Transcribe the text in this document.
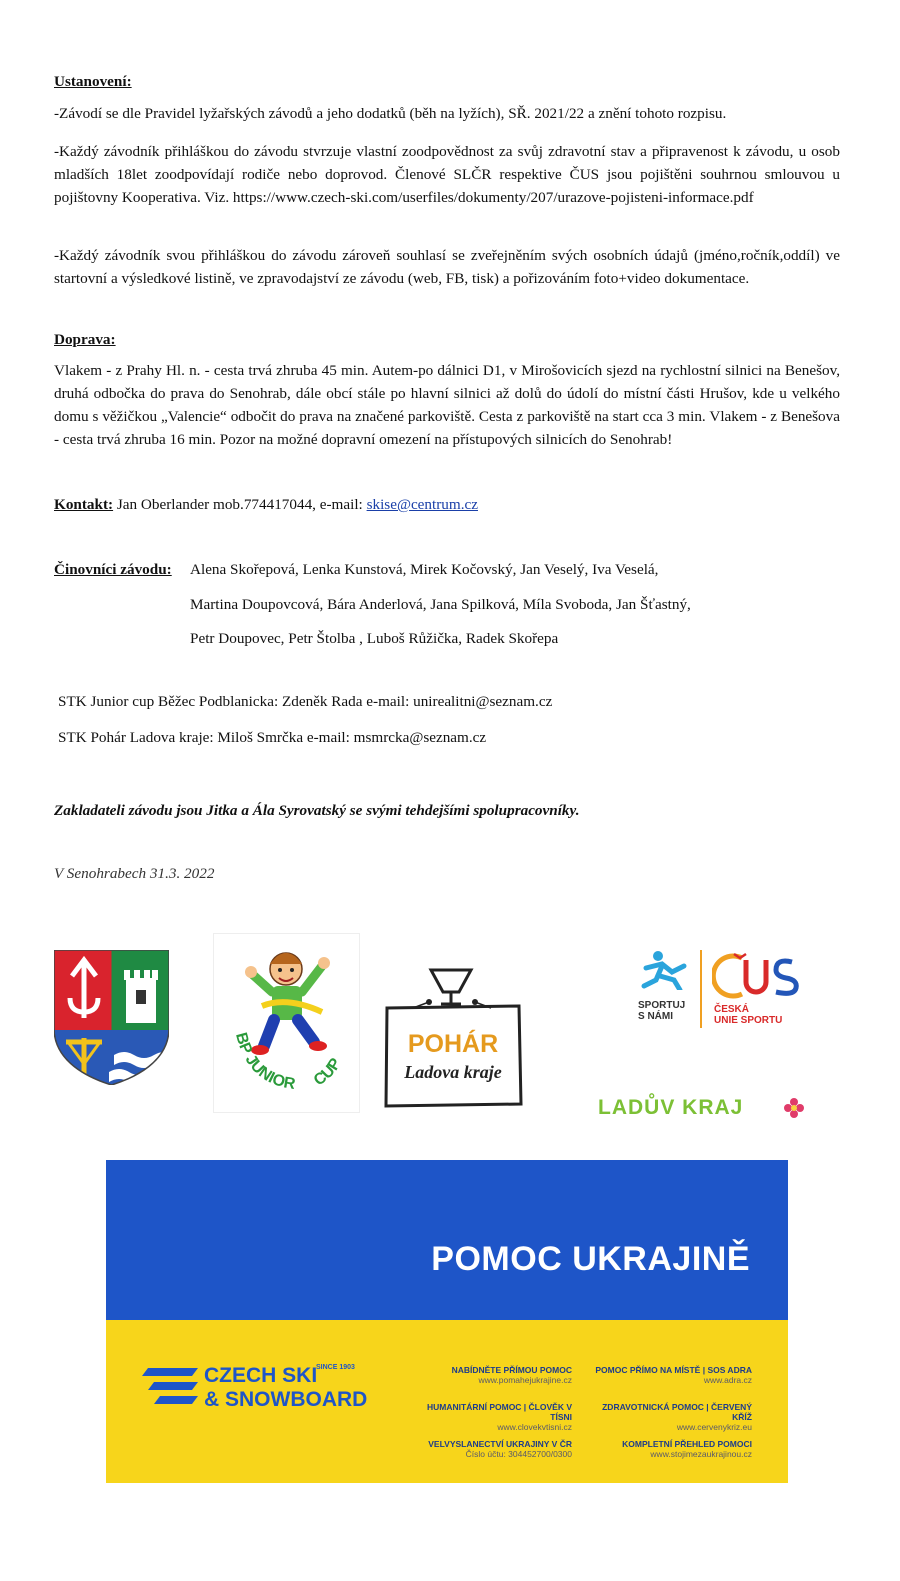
Ustanovení:
-Závodí se dle Pravidel lyžařských závodů a jeho dodatků (běh na lyžích), SŘ. 2021/22 a znění tohoto rozpisu.
-Každý závodník přihláškou do závodu stvrzuje vlastní zoodpovědnost za svůj zdravotní stav a připravenost k závodu, u osob mladších 18let zoodpovídají rodiče nebo doprovod. Členové SLČR respektive ČUS jsou pojištěni souhrnou smlouvou u pojištovny Kooperativa. Viz. https://www.czech-ski.com/userfiles/dokumenty/207/urazove-pojisteni-informace.pdf
-Každý závodník svou přihláškou do závodu zároveň souhlasí se zveřejněním svých osobních údajů (jméno,ročník,oddíl) ve startovní a výsledkové listině, ve zpravodajství ze závodu (web, FB, tisk) a pořizováním foto+video dokumentace.
Doprava:
Vlakem - z Prahy Hl. n. - cesta trvá zhruba 45 min. Autem-po dálnici D1, v Mirošovicích sjezd na rychlostní silnici na Benešov, druhá odbočka do prava do Senohrab, dále obcí stále po hlavní silnici až dolů do údolí do místní části Hrušov, kde u velkého domu s věžičkou „Valencie“ odbočit do prava na značené parkoviště. Cesta z parkoviště na start cca 3 min. Vlakem - z Benešova - cesta trvá zhruba 16 min. Pozor na možné dopravní omezení na přístupových silnicích do Senohrab!
Kontakt: Jan Oberlander mob.774417044, e-mail: skise@centrum.cz
Činovníci závodu:	Alena Skořepová, Lenka Kunstová, Mirek Kočovský, Jan Veselý, Iva Veselá,
Martina Doupovcová, Bára Anderlová, Jana Spilková, Míla Svoboda, Jan Šťastný,
Petr Doupovec, Petr Štolba , Luboš Růžička, Radek Skořepa
STK Junior cup Běžec Podblanicka: Zdeněk Rada e-mail: unirealitni@seznam.cz
STK Pohár Ladova kraje: Miloš Smrčka e-mail: msmrcka@seznam.cz
Zakladateli závodu jsou Jitka a Ála Syrovatský se svými tehdejšími spolupracovníky.
V Senohrabech 31.3. 2022
BP JUNIOR CUP
POHÁR
Ladova kraje
SPORTUJ
S NÁMI
ČESKÁ
UNIE SPORTU
LADŮV KRAJ
POMOC UKRAJINĚ
CZECH SKI
& SNOWBOARD
SINCE 1903	NABÍDNĚTE PŘÍMOU POMOC
www.pomahejukrajine.cz
POMOC PŘÍMO NA MÍSTĚ | SOS ADRA
www.adra.cz
HUMANITÁRNÍ POMOC | ČLOVĚK V TÍSNI
www.clovekvtisni.cz
ZDRAVOTNICKÁ POMOC | ČERVENÝ KŘÍŽ
www.cervenykriz.eu
VELVYSLANECTVÍ UKRAJINY V ČR
Číslo účtu: 304452700/0300
KOMPLETNÍ PŘEHLED POMOCI
www.stojimezaukrajinou.cz
